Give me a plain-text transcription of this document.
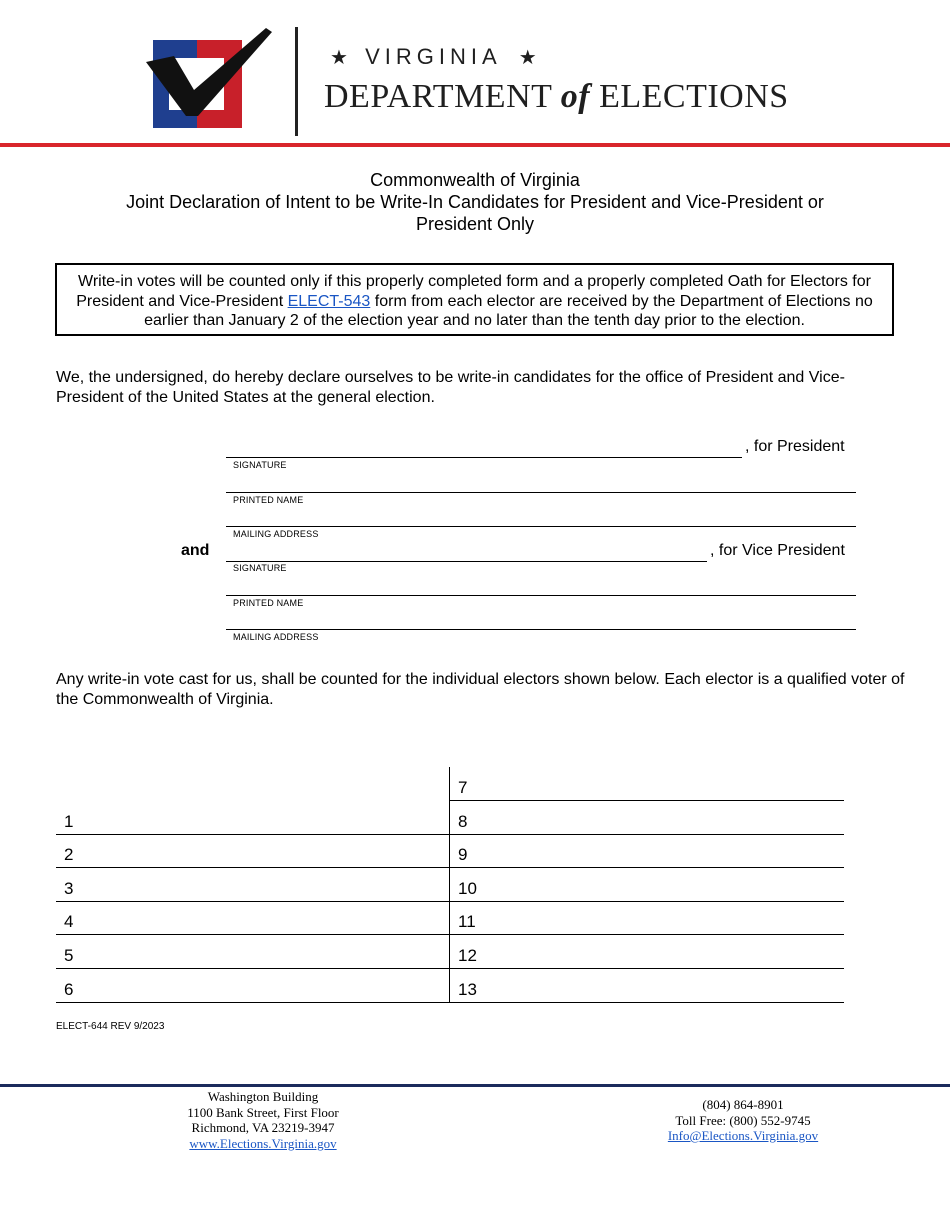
★ VIRGINIA ★
DEPARTMENT of ELECTIONS
Commonwealth of Virginia
Joint Declaration of Intent to be Write-In Candidates for President and Vice-President or
President Only
Write-in votes will be counted only if this properly completed form and a properly completed Oath for Electors for President and Vice-President ELECT-543 form from each elector are received by the Department of Elections no earlier than January 2 of the election year and no later than the tenth day prior to the election.
We, the undersigned, do hereby declare ourselves to be write-in candidates for the office of President and Vice-President of the United States at the general election.
, for President
SIGNATURE
PRINTED NAME
MAILING ADDRESS
and	, for Vice President
SIGNATURE
PRINTED NAME
MAILING ADDRESS
Any write-in vote cast for us, shall be counted for the individual electors shown below. Each elector is a qualified voter of the Commonwealth of Virginia.
7
8
9
10
11
12
13
1
2
3
4
5
6
ELECT-644 REV 9/2023
Washington Building
1100 Bank Street, First Floor
Richmond, VA 23219-3947
www.Elections.Virginia.gov
(804) 864-8901
Toll Free: (800) 552-9745
Info@Elections.Virginia.gov
